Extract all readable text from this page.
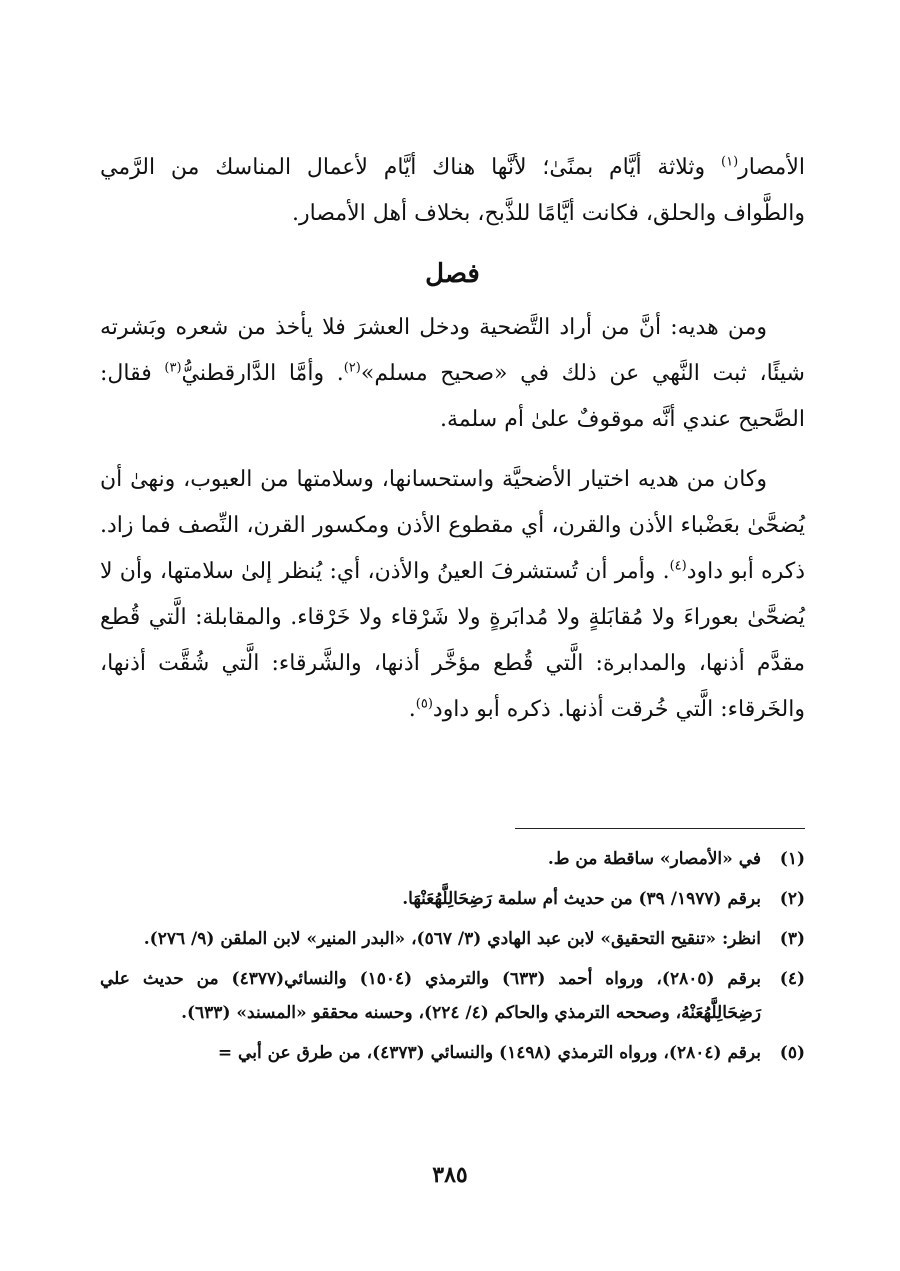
الأمصار$^{(١)}$ وثلاثة أيَّام بمنًىٰ؛ لأنَّها هناك أيَّام لأعمال المناسك من الرَّمي والطَّواف والحلق، فكانت أيَّامًا للذَّبح، بخلاف أهل الأمصار.

فصل

ومن هديه: أنَّ من أراد التَّضحية ودخل العشرَ فلا يأخذ من شعره وبَشرته شيئًا، ثبت النَّهي عن ذلك في «صحيح مسلم»$^{(٢)}$. وأمَّا الدَّارقطنيُّ$^{(٣)}$ فقال: الصَّحيح عندي أنَّه موقوفٌ علىٰ أم سلمة.

وكان من هديه اختيار الأضحيَّة واستحسانها، وسلامتها من العيوب، ونهىٰ أن يُضحَّىٰ بعَضْباء الأذن والقرن، أي مقطوع الأذن ومكسور القرن، النِّصف فما زاد. ذكره أبو داود$^{(٤)}$. وأمر أن تُستشرفَ العينُ والأذن، أي: يُنظر إلىٰ سلامتها، وأن لا يُضحَّىٰ بعوراءَ ولا مُقابَلةٍ ولا مُدابَرةٍ ولا شَرْقاء ولا خَرْقاء. والمقابلة: الَّتي قُطع مقدَّم أذنها، والمدابرة: الَّتي قُطع مؤخَّر أذنها، والشَّرقاء: الَّتي شُقَّت أذنها، والخَرقاء: الَّتي خُرقت أذنها. ذكره أبو داود$^{(٥)}$.

(١)
في «الأمصار» ساقطة من ط.
(٢)
برقم (١٩٧٧/ ٣٩) من حديث أم سلمة رَضِحَالِلَّهُعَنْهَا.
(٣)
انظر: «تنقيح التحقيق» لابن عبد الهادي (٣/ ٥٦٧)، «البدر المنير» لابن الملقن (٩/ ٢٧٦).
(٤)
برقم (٢٨٠٥)، ورواه أحمد (٦٣٣) والترمذي (١٥٠٤) والنسائي(٤٣٧٧) من حديث علي رَضِحَالِلَّهُعَنْهُ، وصححه الترمذي والحاكم (٤/ ٢٢٤)، وحسنه محققو «المسند» (٦٣٣).
(٥)
برقم (٢٨٠٤)، ورواه الترمذي (١٤٩٨) والنسائي (٤٣٧٣)، من طرق عن أبي =
٣٨٥
